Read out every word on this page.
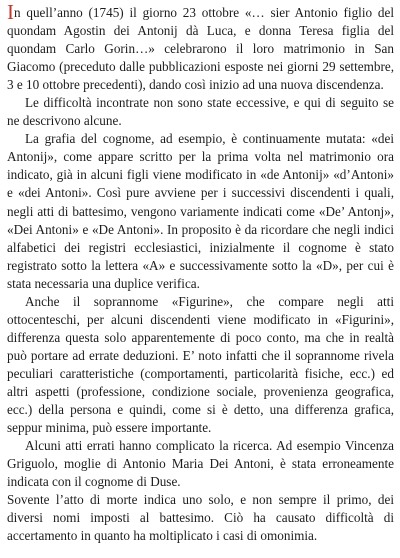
In quell’anno (1745) il giorno 23 ottobre «… sier Antonio figlio del quondam Agostin dei Antonij dà Luca, e donna Teresa figlia del quondam Carlo Gorin…» celebrarono il loro matrimonio in San Giacomo (preceduto dalle pubblicazioni esposte nei giorni 29 settembre, 3 e 10 ottobre precedenti), dando così inizio ad una nuova discendenza.

Le difficoltà incontrate non sono state eccessive, e qui di seguito se ne descrivono alcune.

La grafia del cognome, ad esempio, è continuamente mutata: «dei Antonij», come appare scritto per la prima volta nel matrimonio ora indicato, già in alcuni figli viene modificato in «de Antonij» «d’Antoni» e «dei Antoni». Così pure avviene per i successivi discendenti i quali, negli atti di battesimo, vengono variamente indicati come «De’ Antonj», «Dei Antoni» e «De Antoni». In proposito è da ricordare che negli indici alfabetici dei registri ecclesiastici, inizialmente il cognome è stato registrato sotto la lettera «A» e successivamente sotto la «D», per cui è stata necessaria una duplice verifica.

Anche il soprannome «Figurine», che compare negli atti ottocenteschi, per alcuni discendenti viene modificato in «Figurini», differenza questa solo apparentemente di poco conto, ma che in realtà può portare ad errate deduzioni. E’ noto infatti che il soprannome rivela peculiari caratteristiche (comportamenti, particolarità fisiche, ecc.) ed altri aspetti (professione, condizione sociale, provenienza geografica, ecc.) della persona e quindi, come si è detto, una differenza grafica, seppur minima, può essere importante.

Alcuni atti errati hanno complicato la ricerca. Ad esempio Vincenza Griguolo, moglie di Antonio Maria Dei Antoni, è stata erroneamente indicata con il cognome di Duse.

Sovente l’atto di morte indica uno solo, e non sempre il primo, dei diversi nomi imposti al battesimo. Ciò ha causato difficoltà di accertamento in quanto ha moltiplicato i casi di omonimia.
